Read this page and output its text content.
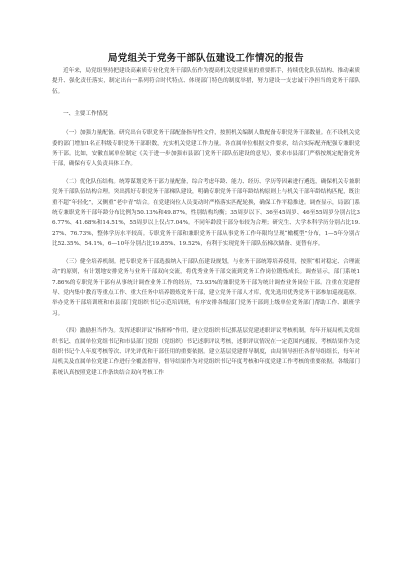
局党组关于党务干部队伍建设工作情况的报告

近年来，局党组坚持把建设高素质专业化党务干部队伍作为提高机关党建质量的重要抓手，持续优化队伍结构、推动素质提升、强化责任落实，制定出台一系列符合时代特点、体现部门特色的制度举措，努力建设一支忠诚干净担当的党务干部队伍。

一、主要工作情况

（一）加强力量配备。研究出台专职党务干部配备指导性文件，按照机关编制人数配备专职党务干部数量。在不设机关党委的部门增加1名正科级专职党务干部职数，充实机关党建工作力量。各直属单位根据文件要求，结合实际配齐配强专兼职党务干部。比如，安徽直属单位制定《关于进一步加强市县部门党务干部队伍建设的意见》，要求市县部门严格按规定配备党务干部，确保有专人负责具体工作。

（二）优化队伍结构。统筹谋划党务干部力量配备，综合考虑年龄、能力、经历、学历等因素进行遴选，确保机关专兼职党务干部队伍结构合理。突出抓好专职党务干部梯队建设，明确专职党务干部年龄结构原则上与机关干部年龄结构匹配，既注重不超“年轻化”，又侧重“老中青”结合。在党建岗位人员变动时严格落实匹配轮换，确保工作平稳推进。调查显示，局部门系统专兼职党务干部年龄分布比例为50.13%和49.87%，性别结构均衡；35周岁以下、36至45周岁、46至55周岁分别占比36.77%、41.68%和14.51%，55周岁以上仅占7.04%。不同年龄段干部分布较为合理；研究生、大学本科学历分别占比19.27%、76.73%，整体学历水平较高。专职党务干部和兼职党务干部从事党务工作年限均呈现“橄榄型”分布，1—5年分别占比52.35%、54.1%，6—10年分别占比19.85%、19.52%，有利于实现党务干部队伍梯次储备、更替有序。

（三）健全培养机制。把专职党务干部选拔纳入干部队伍建设规划，与业务干部统筹培养使用，按照“相对稳定、合理流动”的原则，有计划地安排党务与业务干部双向交流，将优秀业务干部交流到党务工作岗位锻炼成长。调查显示，部门系统17.86%的专职党务干部有从事统计调查业务工作的经历，73.93%的兼职党务干部为统计调查业务岗位干部。注重在党建督导、党内集中教育等重点工作、重大任务中培养锻炼党务干部，建立党务干部人才库，优先选用优秀党务干部参加巡视巡察。举办党务干部培训班和市县部门党组织书记示范培训班，有序安排各级部门党务干部到上级单位党务部门帮助工作、跟班学习。

（四）激励担当作为。发挥述职评议“指挥棒”作用，建立党组织书记抓基层党建述职评议考核机制，每年开展局机关党组织书记、直属单位党组书记和市县部门党组（党组织）书记述职评议考核，述职评议情况在一定范围内通报，考核结果作为党组织书记个人年度考核等次、评先评优和干部任用的重要依据。建立基层党建督导制度，由局领导担任各督导组组长，每年对局机关及直属单位党建工作进行全覆盖督导，督导结果作为对党组织书记年度考核和年度党建工作考核的重要依据。各级部门系统认真按照党建工作条块结合双向考核工作
